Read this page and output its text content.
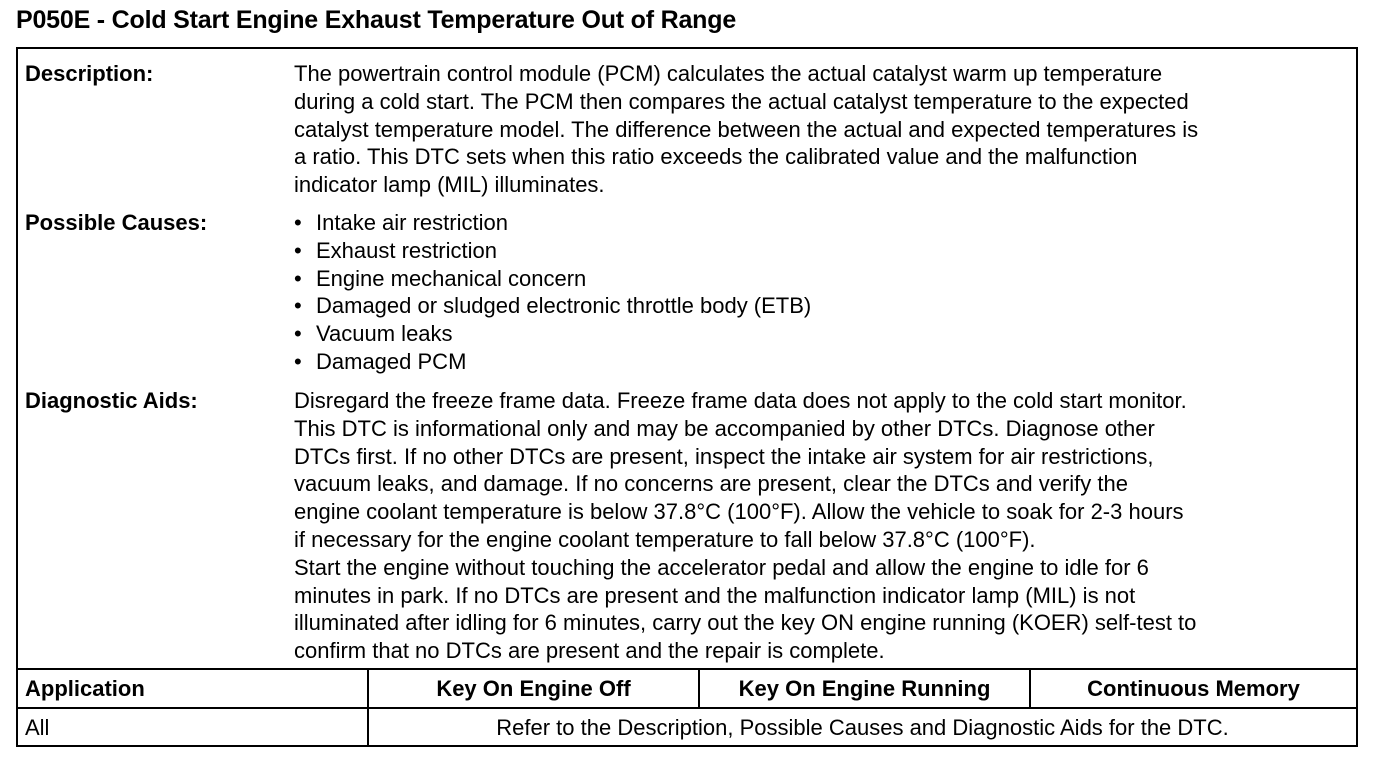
P050E - Cold Start Engine Exhaust Temperature Out of Range
Description:	The powertrain control module (PCM) calculates the actual catalyst warm up temperature

during a cold start. The PCM then compares the actual catalyst temperature to the expected

catalyst temperature model. The difference between the actual and expected temperatures is

a ratio. This DTC sets when this ratio exceeds the calibrated value and the malfunction

indicator lamp (MIL) illuminates.

Possible Causes:	• Intake air restriction
• Exhaust restriction
• Engine mechanical concern
• Damaged or sludged electronic throttle body (ETB)
• Vacuum leaks
• Damaged PCM
Diagnostic Aids:	Disregard the freeze frame data. Freeze frame data does not apply to the cold start monitor.

This DTC is informational only and may be accompanied by other DTCs. Diagnose other

DTCs first. If no other DTCs are present, inspect the intake air system for air restrictions,

vacuum leaks, and damage. If no concerns are present, clear the DTCs and verify the

engine coolant temperature is below 37.8°C (100°F). Allow the vehicle to soak for 2-3 hours

if necessary for the engine coolant temperature to fall below 37.8°C (100°F).

Start the engine without touching the accelerator pedal and allow the engine to idle for 6

minutes in park. If no DTCs are present and the malfunction indicator lamp (MIL) is not

illuminated after idling for 6 minutes, carry out the key ON engine running (KOER) self-test to

confirm that no DTCs are present and the repair is complete.

Application	Key On Engine Off	Key On Engine Running	Continuous Memory
All	Refer to the Description, Possible Causes and Diagnostic Aids for the DTC.
